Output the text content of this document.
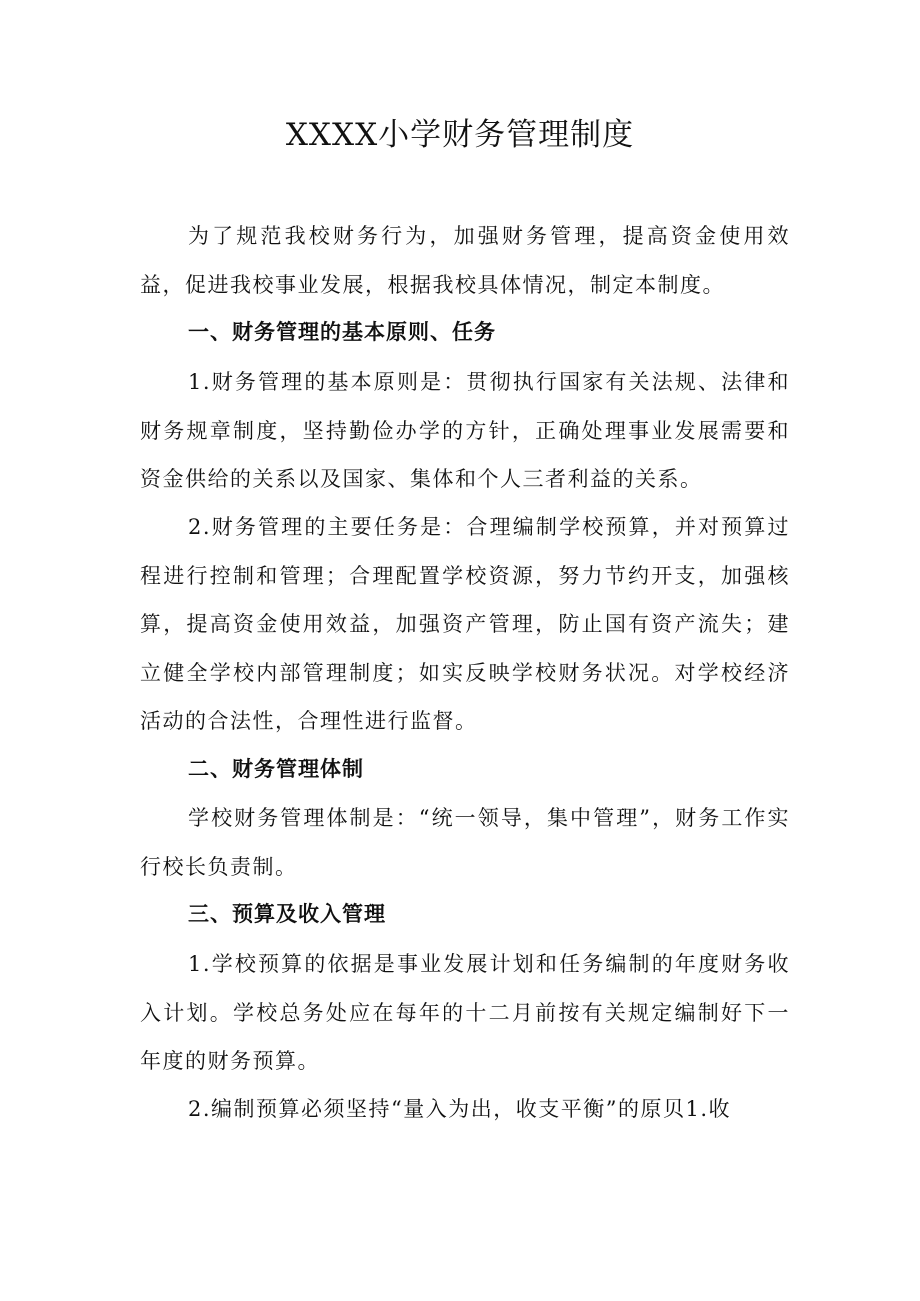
XXXX小学财务管理制度
为了规范我校财务行为，加强财务管理，提高资金使用效益，促进我校事业发展，根据我校具体情况，制定本制度。
一、财务管理的基本原则、任务
1.财务管理的基本原则是：贯彻执行国家有关法规、法律和财务规章制度，坚持勤俭办学的方针，正确处理事业发展需要和资金供给的关系以及国家、集体和个人三者利益的关系。
2.财务管理的主要任务是：合理编制学校预算，并对预算过程进行控制和管理；合理配置学校资源，努力节约开支，加强核算，提高资金使用效益，加强资产管理，防止国有资产流失；建立健全学校内部管理制度；如实反映学校财务状况。对学校经济活动的合法性，合理性进行监督。
二、财务管理体制
学校财务管理体制是：“统一领导，集中管理”，财务工作实行校长负责制。
三、预算及收入管理
1.学校预算的依据是事业发展计划和任务编制的年度财务收入计划。学校总务处应在每年的十二月前按有关规定编制好下一年度的财务预算。
2.编制预算必须坚持“量入为出，收支平衡”的原贝1.收
